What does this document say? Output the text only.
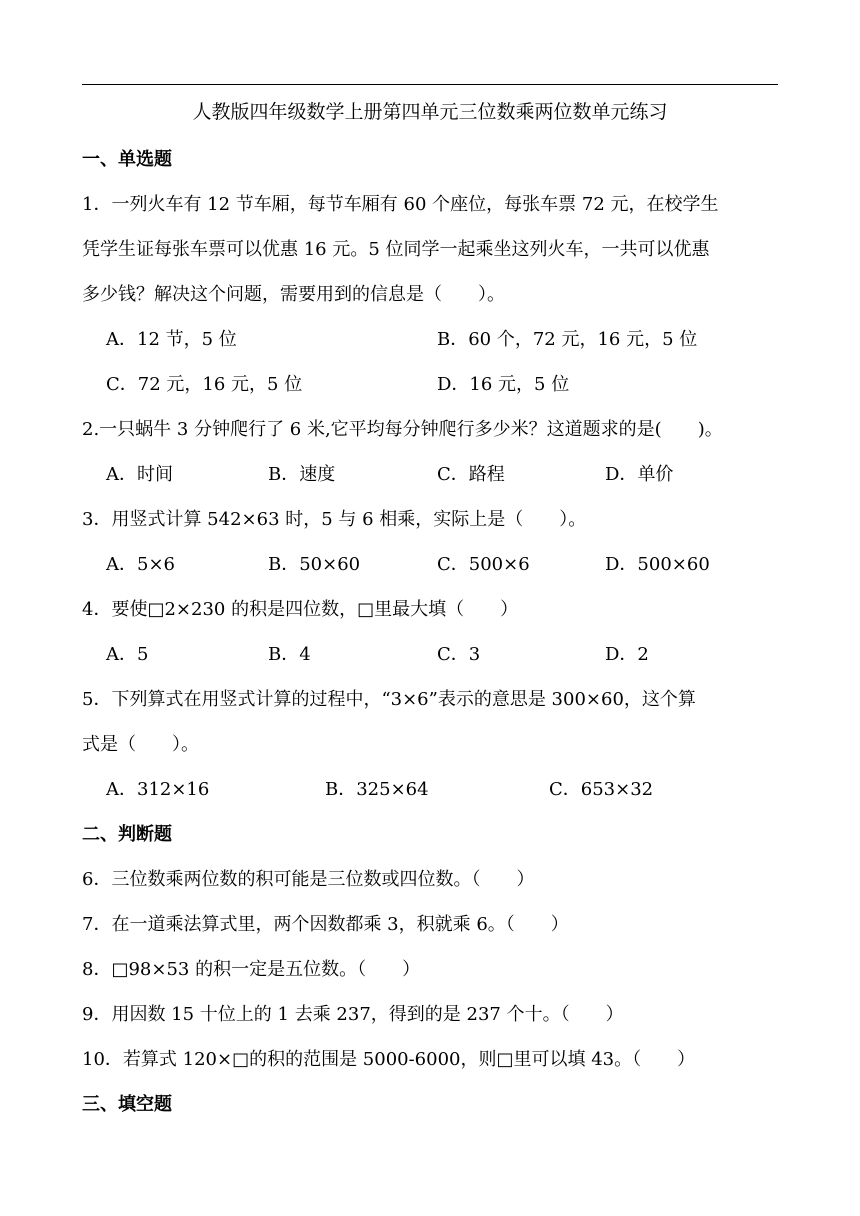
人教版四年级数学上册第四单元三位数乘两位数单元练习
一、单选题
1．一列火车有 12 节车厢，每节车厢有 60 个座位，每张车票 72 元，在校学生
凭学生证每张车票可以优惠 16 元。5 位同学一起乘坐这列火车，一共可以优惠
多少钱？解决这个问题，需要用到的信息是（　　）。
A．12 节，5 位	B．60 个，72 元，16 元，5 位
C．72 元，16 元，5 位	D．16 元，5 位
2.一只蜗牛 3 分钟爬行了 6 米,它平均每分钟爬行多少米？这道题求的是(　　)。
A．时间	B．速度	C．路程	D．单价
3．用竖式计算 542×63 时，5 与 6 相乘，实际上是（　　）。
A．5×6	B．50×60	C．500×6	D．500×60
4．要使□2×230 的积是四位数，□里最大填（　　）
A．5	B．4	C．3	D．2
5．下列算式在用竖式计算的过程中，“3×6”表示的意思是 300×60，这个算
式是（　　）。
A．312×16	B．325×64	C．653×32
二、判断题
6．三位数乘两位数的积可能是三位数或四位数。（　　）
7．在一道乘法算式里，两个因数都乘 3，积就乘 6。（　　）
8．□98×53 的积一定是五位数。（　　）
9．用因数 15 十位上的 1 去乘 237，得到的是 237 个十。（　　）
10．若算式 120×□的积的范围是 5000-6000，则□里可以填 43。（　　）
三、填空题
